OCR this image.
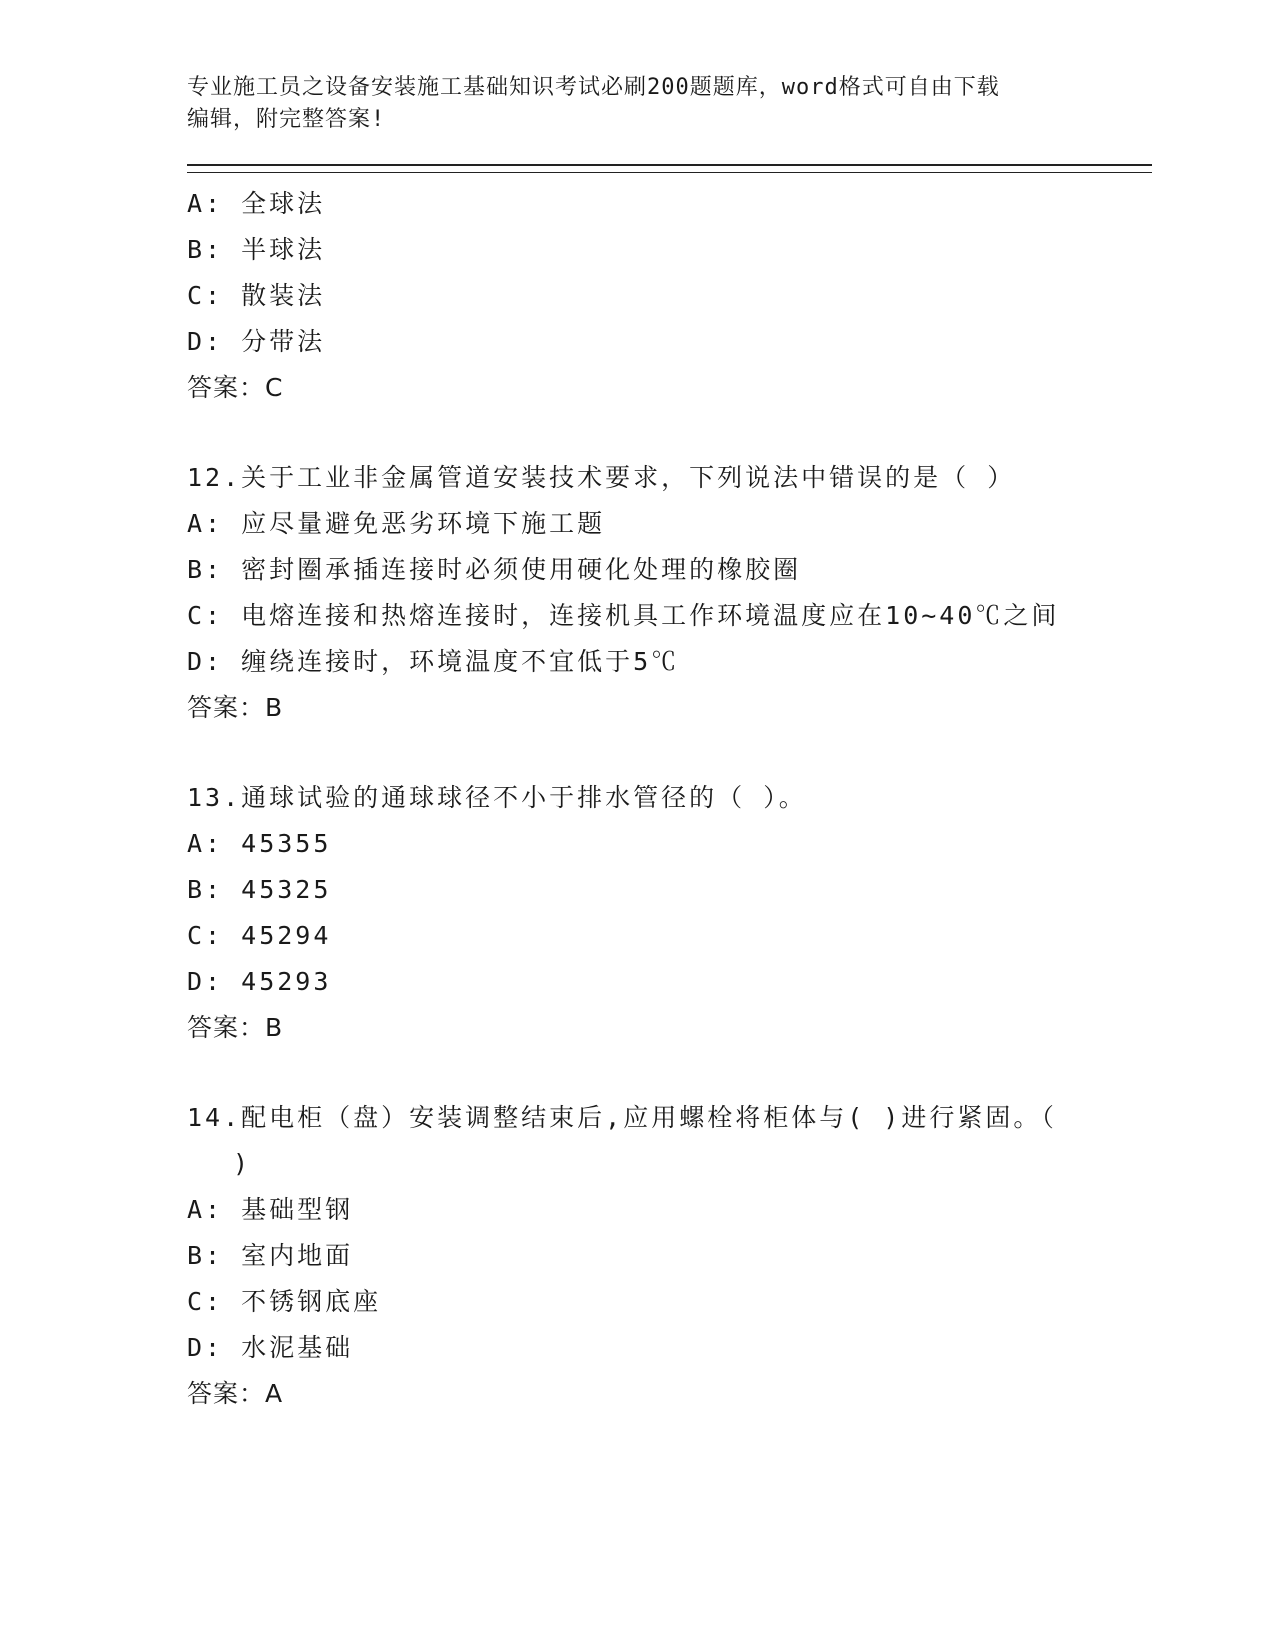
专业施工员之设备安装施工基础知识考试必刷200题题库，word格式可自由下载
编辑，附完整答案!
A: 全球法
B: 半球法
C: 散装法
D: 分带法
答案：C
12.关于工业非金属管道安装技术要求，下列说法中错误的是（ ）
A: 应尽量避免恶劣环境下施工题
B: 密封圈承插连接时必须使用硬化处理的橡胶圈
C: 电熔连接和热熔连接时，连接机具工作环境温度应在10~40℃之间
D: 缠绕连接时，环境温度不宜低于5℃
答案：B
13.通球试验的通球球径不小于排水管径的（ ）。
A: 45355
B: 45325
C: 45294
D: 45293
答案：B
14.配电柜（盘）安装调整结束后,应用螺栓将柜体与( )进行紧固。（
)
A: 基础型钢
B: 室内地面
C: 不锈钢底座
D: 水泥基础
答案：A
